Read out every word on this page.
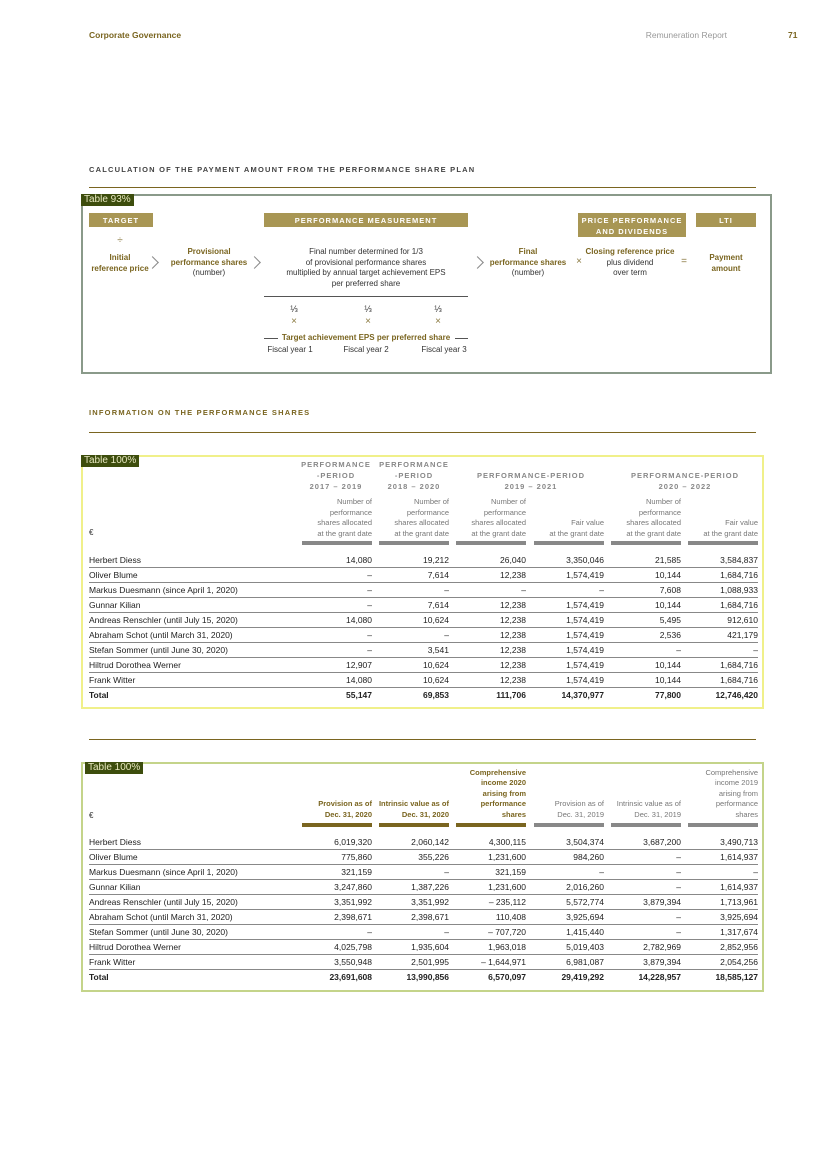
Corporate Governance	Remuneration Report	71
CALCULATION OF THE PAYMENT AMOUNT FROM THE PERFORMANCE SHARE PLAN
Table 93%
TARGET	PERFORMANCE MEASUREMENT	PRICE PERFORMANCE
AND DIVIDENDS
LTI
÷
Initial
reference price
Provisional
performance shares
(number)
Final number determined for 1/3
of provisional performance shares
multiplied by annual target achievement EPS
per preferred share
Final
performance shares
(number)
×
Closing reference price
plus dividend
over term
=	Payment
amount
⅓	⅓	⅓
×	×	×
Target achievement EPS per preferred share
Fiscal year 1	Fiscal year 2	Fiscal year 3
INFORMATION ON THE PERFORMANCE SHARES
Table 100%	PERFORMANCE
-PERIOD
2017 – 2019
PERFORMANCE
-PERIOD
2018 – 2020
PERFORMANCE-PERIOD
2019 – 2021
PERFORMANCE-PERIOD
2020 – 2022
Number of
performance
shares allocated
at the grant date
Number of
performance
shares allocated
at the grant date
Number of
performance
shares allocated
at the grant date
Number of
performance
shares allocated
at the grant date
Fair value
at the grant date
Fair value
at the grant date
€
Herbert Diess	14,080	19,212	26,040	3,350,046	21,585	3,584,837
Oliver Blume	–	7,614	12,238	1,574,419	10,144	1,684,716
Markus Duesmann (since April 1, 2020)	–	–	–	–	7,608	1,088,933
Gunnar Kilian	–	7,614	12,238	1,574,419	10,144	1,684,716
Andreas Renschler (until July 15, 2020)	14,080	10,624	12,238	1,574,419	5,495	912,610
Abraham Schot (until March 31, 2020)	–	–	12,238	1,574,419	2,536	421,179
Stefan Sommer (until June 30, 2020)	–	3,541	12,238	1,574,419	–	–
Hiltrud Dorothea Werner	12,907	10,624	12,238	1,574,419	10,144	1,684,716
Frank Witter	14,080	10,624	12,238	1,574,419	10,144	1,684,716
Total	55,147	69,853	111,706	14,370,977	77,800	12,746,420
Table 100%
Provision as of
Dec. 31, 2020
Intrinsic value as of
Dec. 31, 2020
Comprehensive
income 2020
arising from
performance
shares
Provision as of
Dec. 31, 2019
Intrinsic value as of
Dec. 31, 2019
Comprehensive
income 2019
arising from
performance
shares
€
Herbert Diess	6,019,320	2,060,142	4,300,115	3,504,374	3,687,200	3,490,713
Oliver Blume	775,860	355,226	1,231,600	984,260	–	1,614,937
Markus Duesmann (since April 1, 2020)	321,159	–	321,159	–	–	–
Gunnar Kilian	3,247,860	1,387,226	1,231,600	2,016,260	–	1,614,937
Andreas Renschler (until July 15, 2020)	3,351,992	3,351,992	– 235,112	5,572,774	3,879,394	1,713,961
Abraham Schot (until March 31, 2020)	2,398,671	2,398,671	110,408	3,925,694	–	3,925,694
Stefan Sommer (until June 30, 2020)	–	–	– 707,720	1,415,440	–	1,317,674
Hiltrud Dorothea Werner	4,025,798	1,935,604	1,963,018	5,019,403	2,782,969	2,852,956
Frank Witter	3,550,948	2,501,995	– 1,644,971	6,981,087	3,879,394	2,054,256
Total	23,691,608	13,990,856	6,570,097	29,419,292	14,228,957	18,585,127
